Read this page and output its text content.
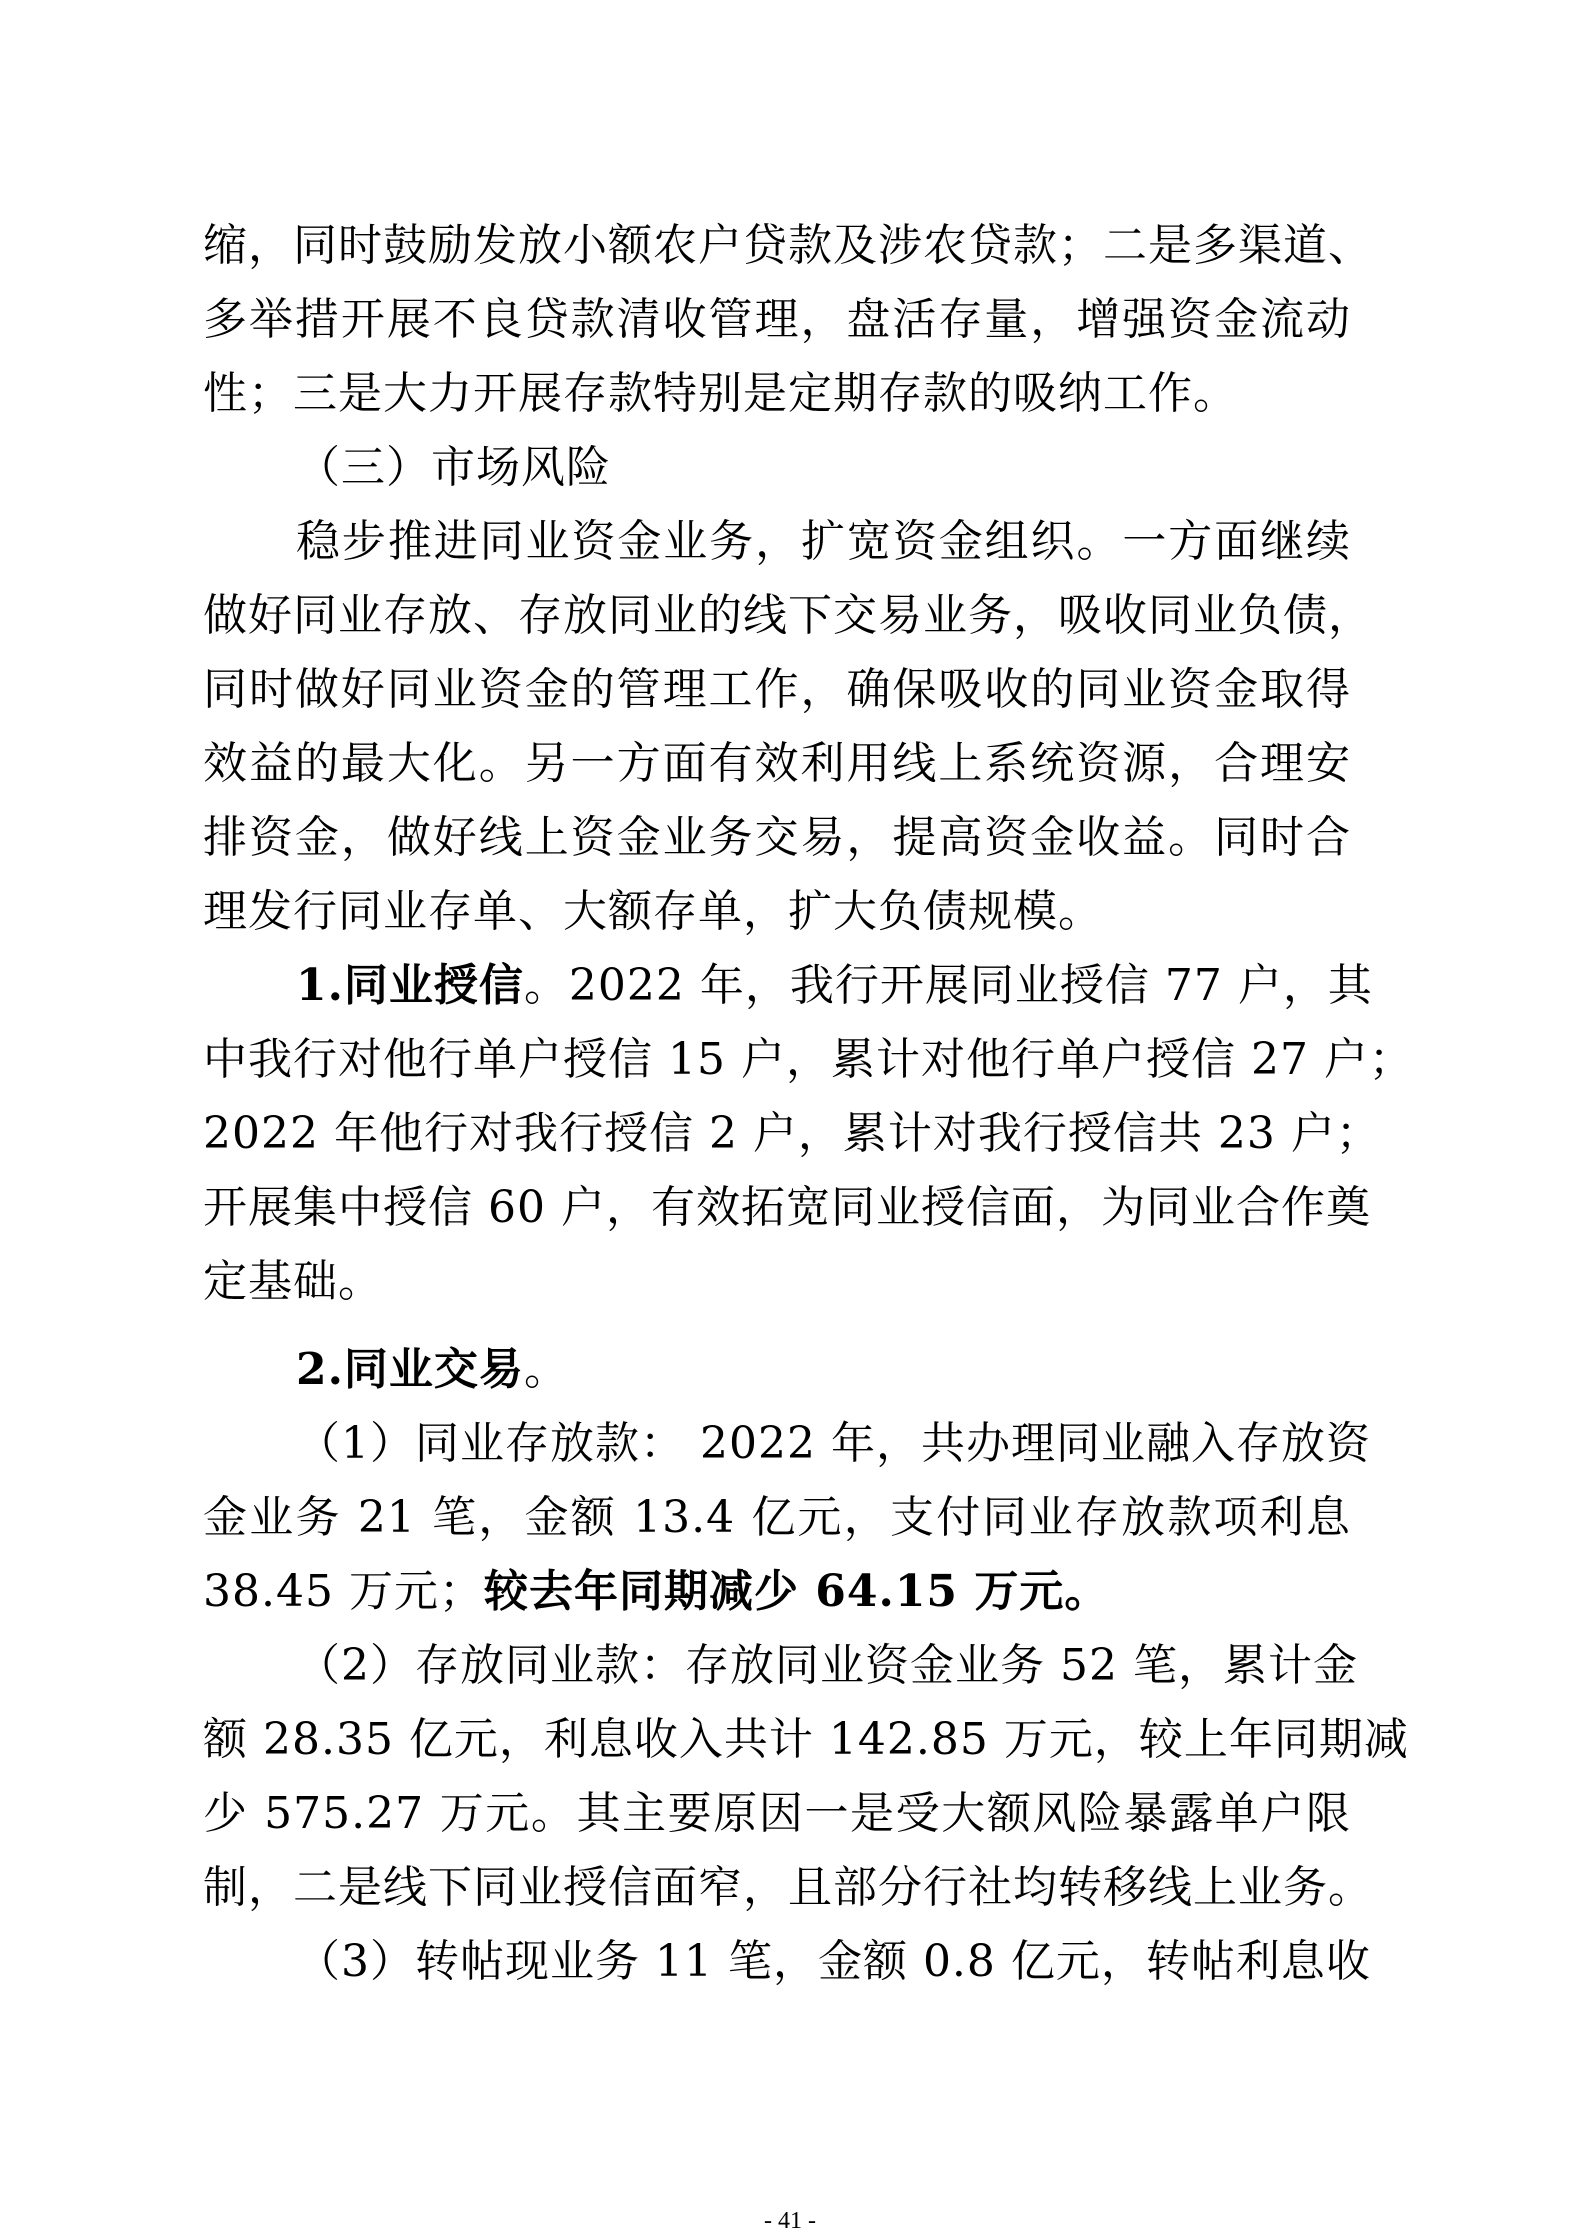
缩，同时鼓励发放小额农户贷款及涉农贷款；二是多渠道、
多举措开展不良贷款清收管理，盘活存量，增强资金流动
性；三是大力开展存款特别是定期存款的吸纳工作。
（三）市场风险
稳步推进同业资金业务，扩宽资金组织。一方面继续
做好同业存放、存放同业的线下交易业务，吸收同业负债，
同时做好同业资金的管理工作，确保吸收的同业资金取得
效益的最大化。另一方面有效利用线上系统资源，合理安
排资金，做好线上资金业务交易，提高资金收益。同时合
理发行同业存单、大额存单，扩大负债规模。
1.同业授信。2022 年，我行开展同业授信 77 户，其
中我行对他行单户授信 15 户，累计对他行单户授信 27 户；
2022 年他行对我行授信 2 户，累计对我行授信共 23 户；
开展集中授信 60 户，有效拓宽同业授信面，为同业合作奠
定基础。
2.同业交易。
（1）同业存放款： 2022 年，共办理同业融入存放资
金业务 21 笔，金额 13.4 亿元，支付同业存放款项利息
38.45 万元；较去年同期减少 64.15 万元。
（2）存放同业款：存放同业资金业务 52 笔，累计金
额 28.35 亿元，利息收入共计 142.85 万元，较上年同期减
少 575.27 万元。其主要原因一是受大额风险暴露单户限
制，二是线下同业授信面窄，且部分行社均转移线上业务。
（3）转帖现业务 11 笔，金额 0.8 亿元，转帖利息收
- 41 -
